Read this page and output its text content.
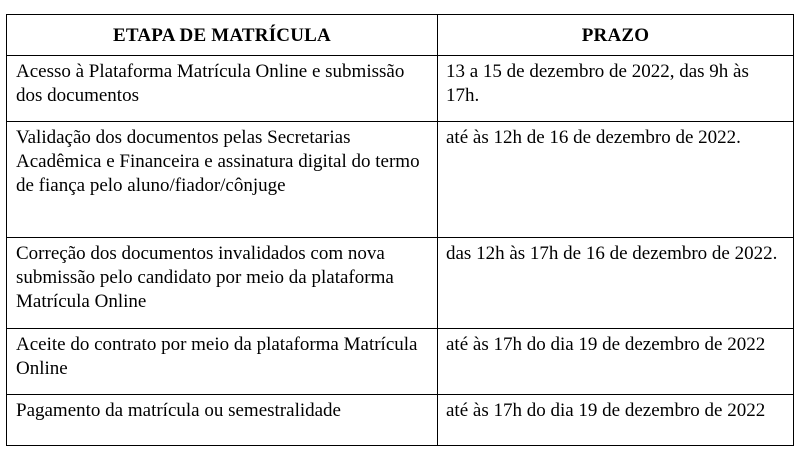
ETAPA DE MATRÍCULA	PRAZO

Acesso à Plataforma Matrícula Online e submissão dos documentos	13 a 15 de dezembro de 2022, das 9h às 17h.

Validação dos documentos pelas Secretarias Acadêmica e Financeira e assinatura digital do termo de fiança pelo aluno/fiador/cônjuge	até às 12h de 16 de dezembro de 2022.

Correção dos documentos invalidados com nova submissão pelo candidato por meio da plataforma Matrícula Online	das 12h às 17h de 16 de dezembro de 2022.

Aceite do contrato por meio da plataforma Matrícula Online	até às 17h do dia 19 de dezembro de 2022

Pagamento da matrícula ou semestralidade	até às 17h do dia 19 de dezembro de 2022
